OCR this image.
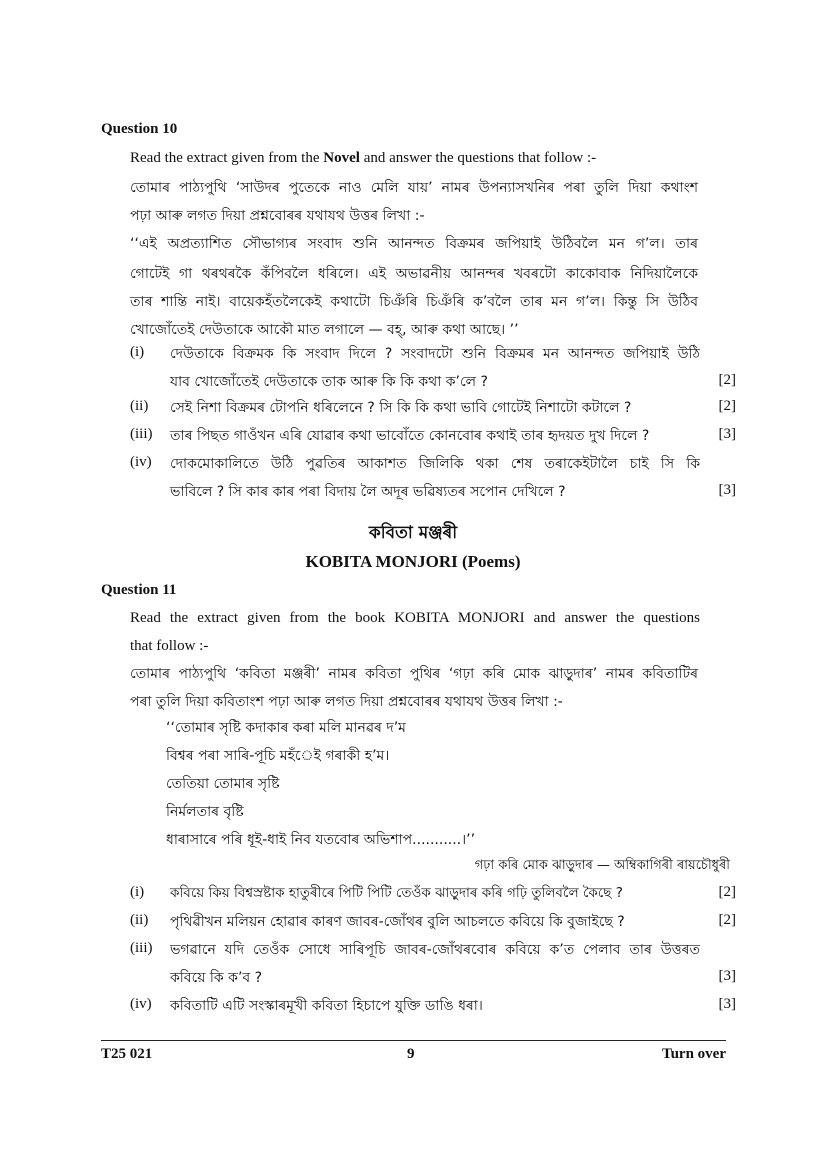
Question 10
Read the extract given from the Novel and answer the questions that follow :-
তোমাৰ পাঠ্যপুথি ‘সাউদৰ পুতেকে নাও মেলি যায়’ নামৰ উপন্যাসখনিৰ পৰা তুলি দিয়া কথাংশ
পঢ়া আৰু লগত দিয়া প্ৰশ্নবোৰৰ যথাযথ উত্তৰ লিখা :-
‘‘এই অপ্ৰত্যাশিত সৌভাগ্যৰ সংবাদ শুনি আনন্দত বিক্ৰমৰ জপিয়াই উঠিবলৈ মন গ’ল। তাৰ
গোটেই গা থৰথৰকৈ কঁপিবলৈ ধৰিলে। এই অভাৱনীয় আনন্দৰ খবৰটো কাকোবাক নিদিয়ালৈকে
তাৰ শান্তি নাই। বায়েকহঁতলৈকেই কথাটো চিঞঁৰি চিঞঁৰি ক’বলৈ তাৰ মন গ’ল। কিন্তু সি উঠিব
খোজোঁতেই দেউতাকে আকৌ মাত লগালে — বহ্, আৰু কথা আছে। ’’
(i) দেউতাকে বিক্ৰমক কি সংবাদ দিলে ? সংবাদটো শুনি বিক্ৰমৰ মন আনন্দত জপিয়াই উঠি
যাব খোজোঁতেই দেউতাকে তাক আৰু কি কি কথা ক’লে ?	[2]
(ii) সেই নিশা বিক্ৰমৰ টোপনি ধৰিলেনে ? সি কি কি কথা ভাবি গোটেই নিশাটো কটালে ?	[2]
(iii) তাৰ পিছত গাওঁখন এৰি যোৱাৰ কথা ভাবোঁতে কোনবোৰ কথাই তাৰ হৃদয়ত দুখ দিলে ?	[3]
(iv) দোকমোকালিতে উঠি পুৱতিৰ আকাশত জিলিকি থকা শেষ তৰাকেইটালৈ চাই সি কি
ভাবিলে ? সি কাৰ কাৰ পৰা বিদায় লৈ অদূৰ ভৱিষ্যতৰ সপোন দেখিলে ?	[3]
কবিতা মঞ্জৰী
KOBITA MONJORI (Poems)
Question 11
Read the extract given from the book KOBITA MONJORI and answer the questions
that follow :-
তোমাৰ পাঠ্যপুথি ‘কবিতা মঞ্জৰী’ নামৰ কবিতা পুথিৰ ‘গঢ়া কৰি মোক ঝাড়ুদাৰ’ নামৰ কবিতাটিৰ
পৰা তুলি দিয়া কবিতাংশ পঢ়া আৰু লগত দিয়া প্ৰশ্নবোৰৰ যথাযথ উত্তৰ লিখা :-
‘‘তোমাৰ সৃষ্টি কদাকাৰ কৰা মলি মানৱৰ দ’ম
বিশ্বৰ পৰা সাৰি-পূচি মহঁেই গৰাকী হ’ম।
তেতিয়া তোমাৰ সৃষ্টি
নিৰ্মলতাৰ বৃষ্টি
ধাৰাসাৰে পৰি ধূই-ধাই নিব যতবোৰ অভিশাপ...........।’’
গঢ়া কৰি মোক ঝাড়ুদাৰ — অম্বিকাগিৰী ৰায়চৌধুৰী
(i) কবিয়ে কিয় বিশ্বস্ৰষ্টাক হাতুৰীৰে পিটি পিটি তেওঁক ঝাড়ুদাৰ কৰি গঢ়ি তুলিবলৈ কৈছে ?	[2]
(ii) পৃথিৱীখন মলিয়ন হোৱাৰ কাৰণ জাবৰ-জোঁথৰ বুলি আচলতে কবিয়ে কি বুজাইছে ?	[2]
(iii) ভগৱানে যদি তেওঁক সোধে সাৰিপূচি জাবৰ-জোঁথৰবোৰ কবিয়ে ক’ত পেলাব তাৰ উত্তৰত
কবিয়ে কি ক’ব ?	[3]
(iv) কবিতাটি এটি সংস্কাৰমূখী কবিতা হিচাপে যুক্তি ডাঙি ধৰা।	[3]
T25 021	9	Turn over
